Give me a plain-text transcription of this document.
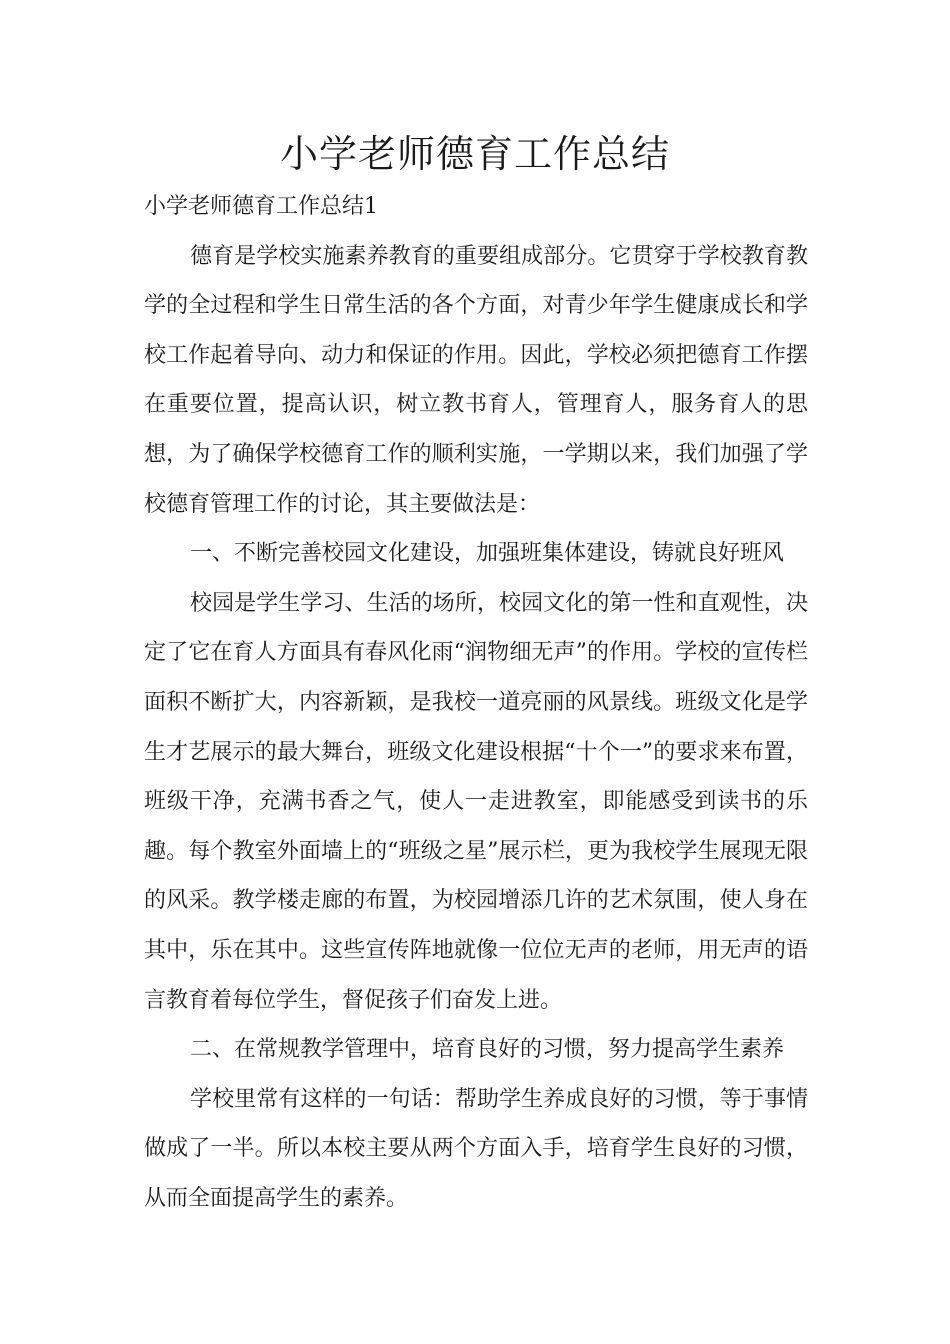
小学老师德育工作总结

小学老师德育工作总结1

德育是学校实施素养教育的重要组成部分。它贯穿于学校教育教学的全过程和学生日常生活的各个方面，对青少年学生健康成长和学校工作起着导向、动力和保证的作用。因此，学校必须把德育工作摆在重要位置，提高认识，树立教书育人，管理育人，服务育人的思想，为了确保学校德育工作的顺利实施，一学期以来，我们加强了学校德育管理工作的讨论，其主要做法是：

一、不断完善校园文化建设，加强班集体建设，铸就良好班风

校园是学生学习、生活的场所，校园文化的第一性和直观性，决定了它在育人方面具有春风化雨“润物细无声”的作用。学校的宣传栏面积不断扩大，内容新颖，是我校一道亮丽的风景线。班级文化是学生才艺展示的最大舞台，班级文化建设根据“十个一”的要求来布置，班级干净，充满书香之气，使人一走进教室，即能感受到读书的乐趣。每个教室外面墙上的“班级之星”展示栏，更为我校学生展现无限的风采。教学楼走廊的布置，为校园增添几许的艺术氛围，使人身在其中，乐在其中。这些宣传阵地就像一位位无声的老师，用无声的语言教育着每位学生，督促孩子们奋发上进。

二、在常规教学管理中，培育良好的习惯，努力提高学生素养

学校里常有这样的一句话：帮助学生养成良好的习惯，等于事情做成了一半。所以本校主要从两个方面入手，培育学生良好的习惯，从而全面提高学生的素养。
